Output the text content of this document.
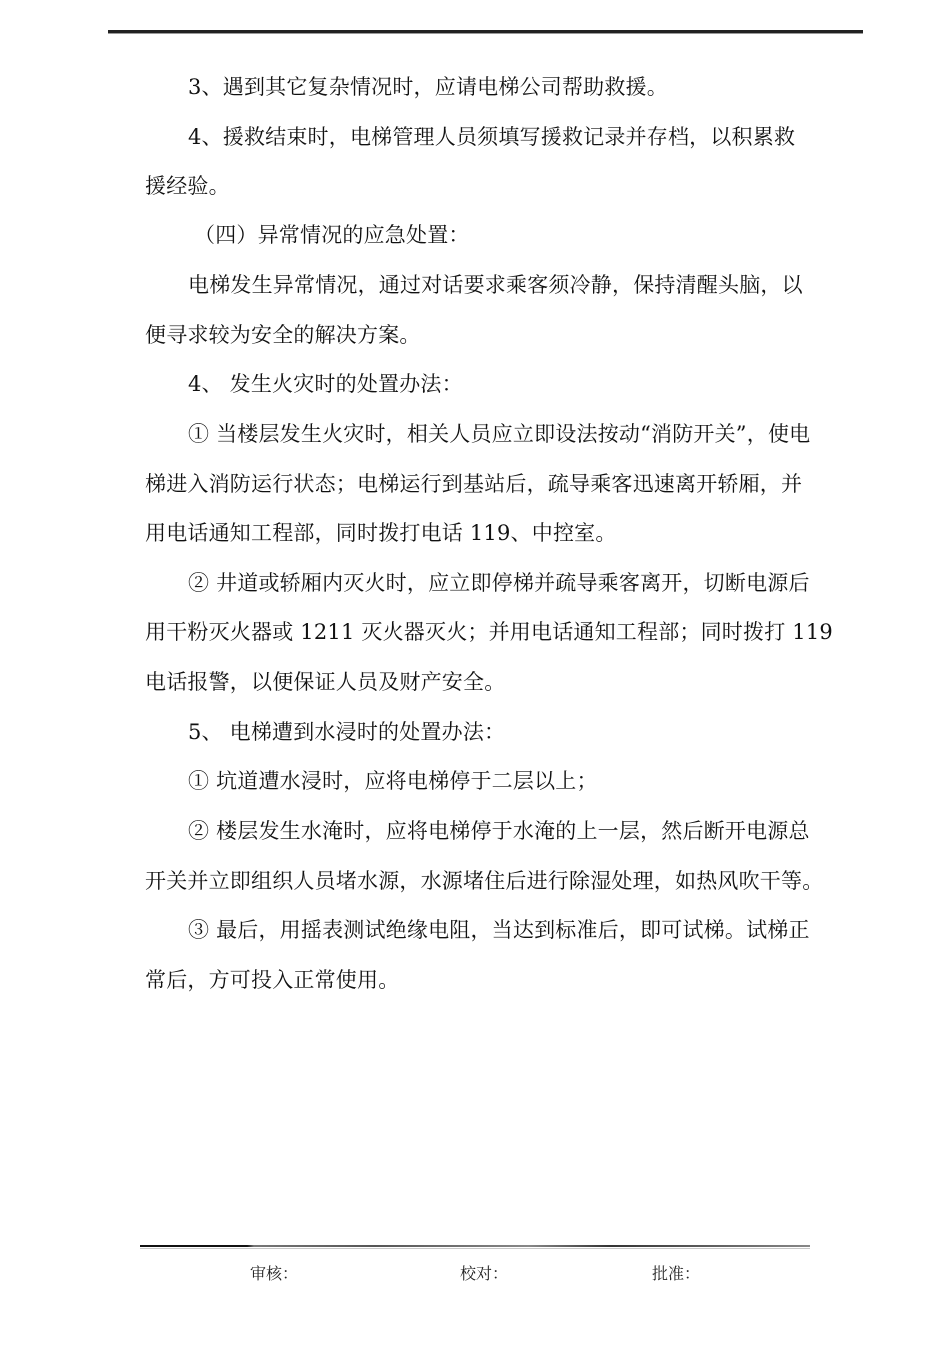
3、遇到其它复杂情况时，应请电梯公司帮助救援。
4、援救结束时，电梯管理人员须填写援救记录并存档，以积累救
援经验。
（四）异常情况的应急处置：
电梯发生异常情况，通过对话要求乘客须冷静，保持清醒头脑，以
便寻求较为安全的解决方案。
4、 发生火灾时的处置办法：
① 当楼层发生火灾时，相关人员应立即设法按动“消防开关”，使电
梯进入消防运行状态；电梯运行到基站后，疏导乘客迅速离开轿厢，并
用电话通知工程部，同时拨打电话 119、中控室。
② 井道或轿厢内灭火时，应立即停梯并疏导乘客离开，切断电源后
用干粉灭火器或 1211 灭火器灭火；并用电话通知工程部；同时拨打 119
电话报警，以便保证人员及财产安全。
5、 电梯遭到水浸时的处置办法：
① 坑道遭水浸时，应将电梯停于二层以上；
② 楼层发生水淹时，应将电梯停于水淹的上一层，然后断开电源总
开关并立即组织人员堵水源，水源堵住后进行除湿处理，如热风吹干等。
③ 最后，用摇表测试绝缘电阻，当达到标准后，即可试梯。试梯正
常后，方可投入正常使用。
审核：	校对：	批准：
